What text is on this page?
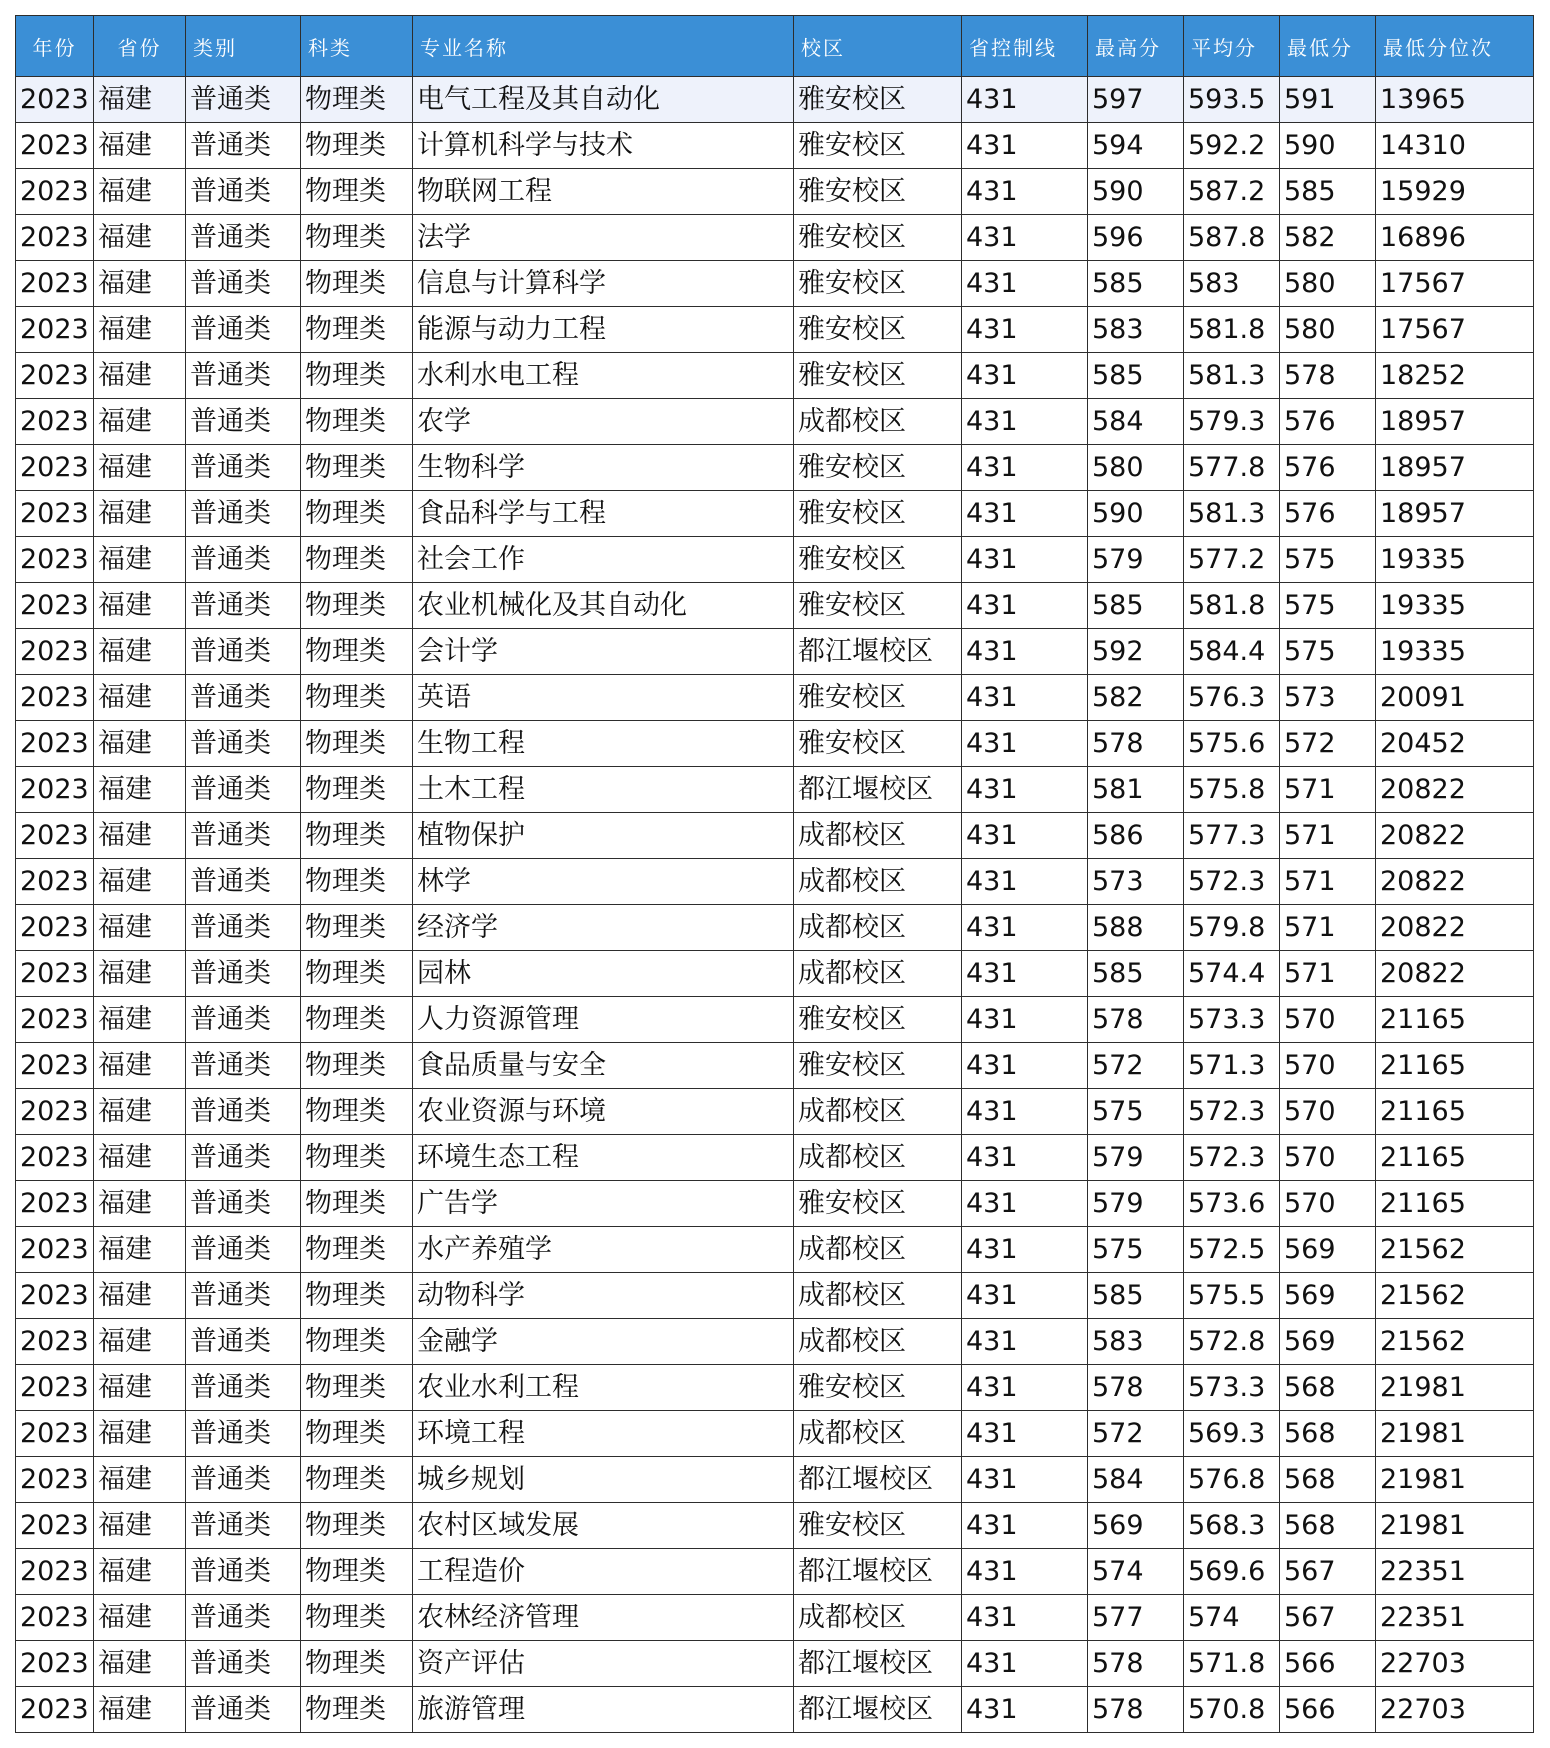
年份	省份	类别	科类	专业名称	校区	省控制线	最高分	平均分	最低分	最低分位次
2023	福建	普通类	物理类	电气工程及其自动化	雅安校区	431	597	593.5	591	13965
2023	福建	普通类	物理类	计算机科学与技术	雅安校区	431	594	592.2	590	14310
2023	福建	普通类	物理类	物联网工程	雅安校区	431	590	587.2	585	15929
2023	福建	普通类	物理类	法学	雅安校区	431	596	587.8	582	16896
2023	福建	普通类	物理类	信息与计算科学	雅安校区	431	585	583	580	17567
2023	福建	普通类	物理类	能源与动力工程	雅安校区	431	583	581.8	580	17567
2023	福建	普通类	物理类	水利水电工程	雅安校区	431	585	581.3	578	18252
2023	福建	普通类	物理类	农学	成都校区	431	584	579.3	576	18957
2023	福建	普通类	物理类	生物科学	雅安校区	431	580	577.8	576	18957
2023	福建	普通类	物理类	食品科学与工程	雅安校区	431	590	581.3	576	18957
2023	福建	普通类	物理类	社会工作	雅安校区	431	579	577.2	575	19335
2023	福建	普通类	物理类	农业机械化及其自动化	雅安校区	431	585	581.8	575	19335
2023	福建	普通类	物理类	会计学	都江堰校区	431	592	584.4	575	19335
2023	福建	普通类	物理类	英语	雅安校区	431	582	576.3	573	20091
2023	福建	普通类	物理类	生物工程	雅安校区	431	578	575.6	572	20452
2023	福建	普通类	物理类	土木工程	都江堰校区	431	581	575.8	571	20822
2023	福建	普通类	物理类	植物保护	成都校区	431	586	577.3	571	20822
2023	福建	普通类	物理类	林学	成都校区	431	573	572.3	571	20822
2023	福建	普通类	物理类	经济学	成都校区	431	588	579.8	571	20822
2023	福建	普通类	物理类	园林	成都校区	431	585	574.4	571	20822
2023	福建	普通类	物理类	人力资源管理	雅安校区	431	578	573.3	570	21165
2023	福建	普通类	物理类	食品质量与安全	雅安校区	431	572	571.3	570	21165
2023	福建	普通类	物理类	农业资源与环境	成都校区	431	575	572.3	570	21165
2023	福建	普通类	物理类	环境生态工程	成都校区	431	579	572.3	570	21165
2023	福建	普通类	物理类	广告学	雅安校区	431	579	573.6	570	21165
2023	福建	普通类	物理类	水产养殖学	成都校区	431	575	572.5	569	21562
2023	福建	普通类	物理类	动物科学	成都校区	431	585	575.5	569	21562
2023	福建	普通类	物理类	金融学	成都校区	431	583	572.8	569	21562
2023	福建	普通类	物理类	农业水利工程	雅安校区	431	578	573.3	568	21981
2023	福建	普通类	物理类	环境工程	成都校区	431	572	569.3	568	21981
2023	福建	普通类	物理类	城乡规划	都江堰校区	431	584	576.8	568	21981
2023	福建	普通类	物理类	农村区域发展	雅安校区	431	569	568.3	568	21981
2023	福建	普通类	物理类	工程造价	都江堰校区	431	574	569.6	567	22351
2023	福建	普通类	物理类	农林经济管理	成都校区	431	577	574	567	22351
2023	福建	普通类	物理类	资产评估	都江堰校区	431	578	571.8	566	22703
2023	福建	普通类	物理类	旅游管理	都江堰校区	431	578	570.8	566	22703
